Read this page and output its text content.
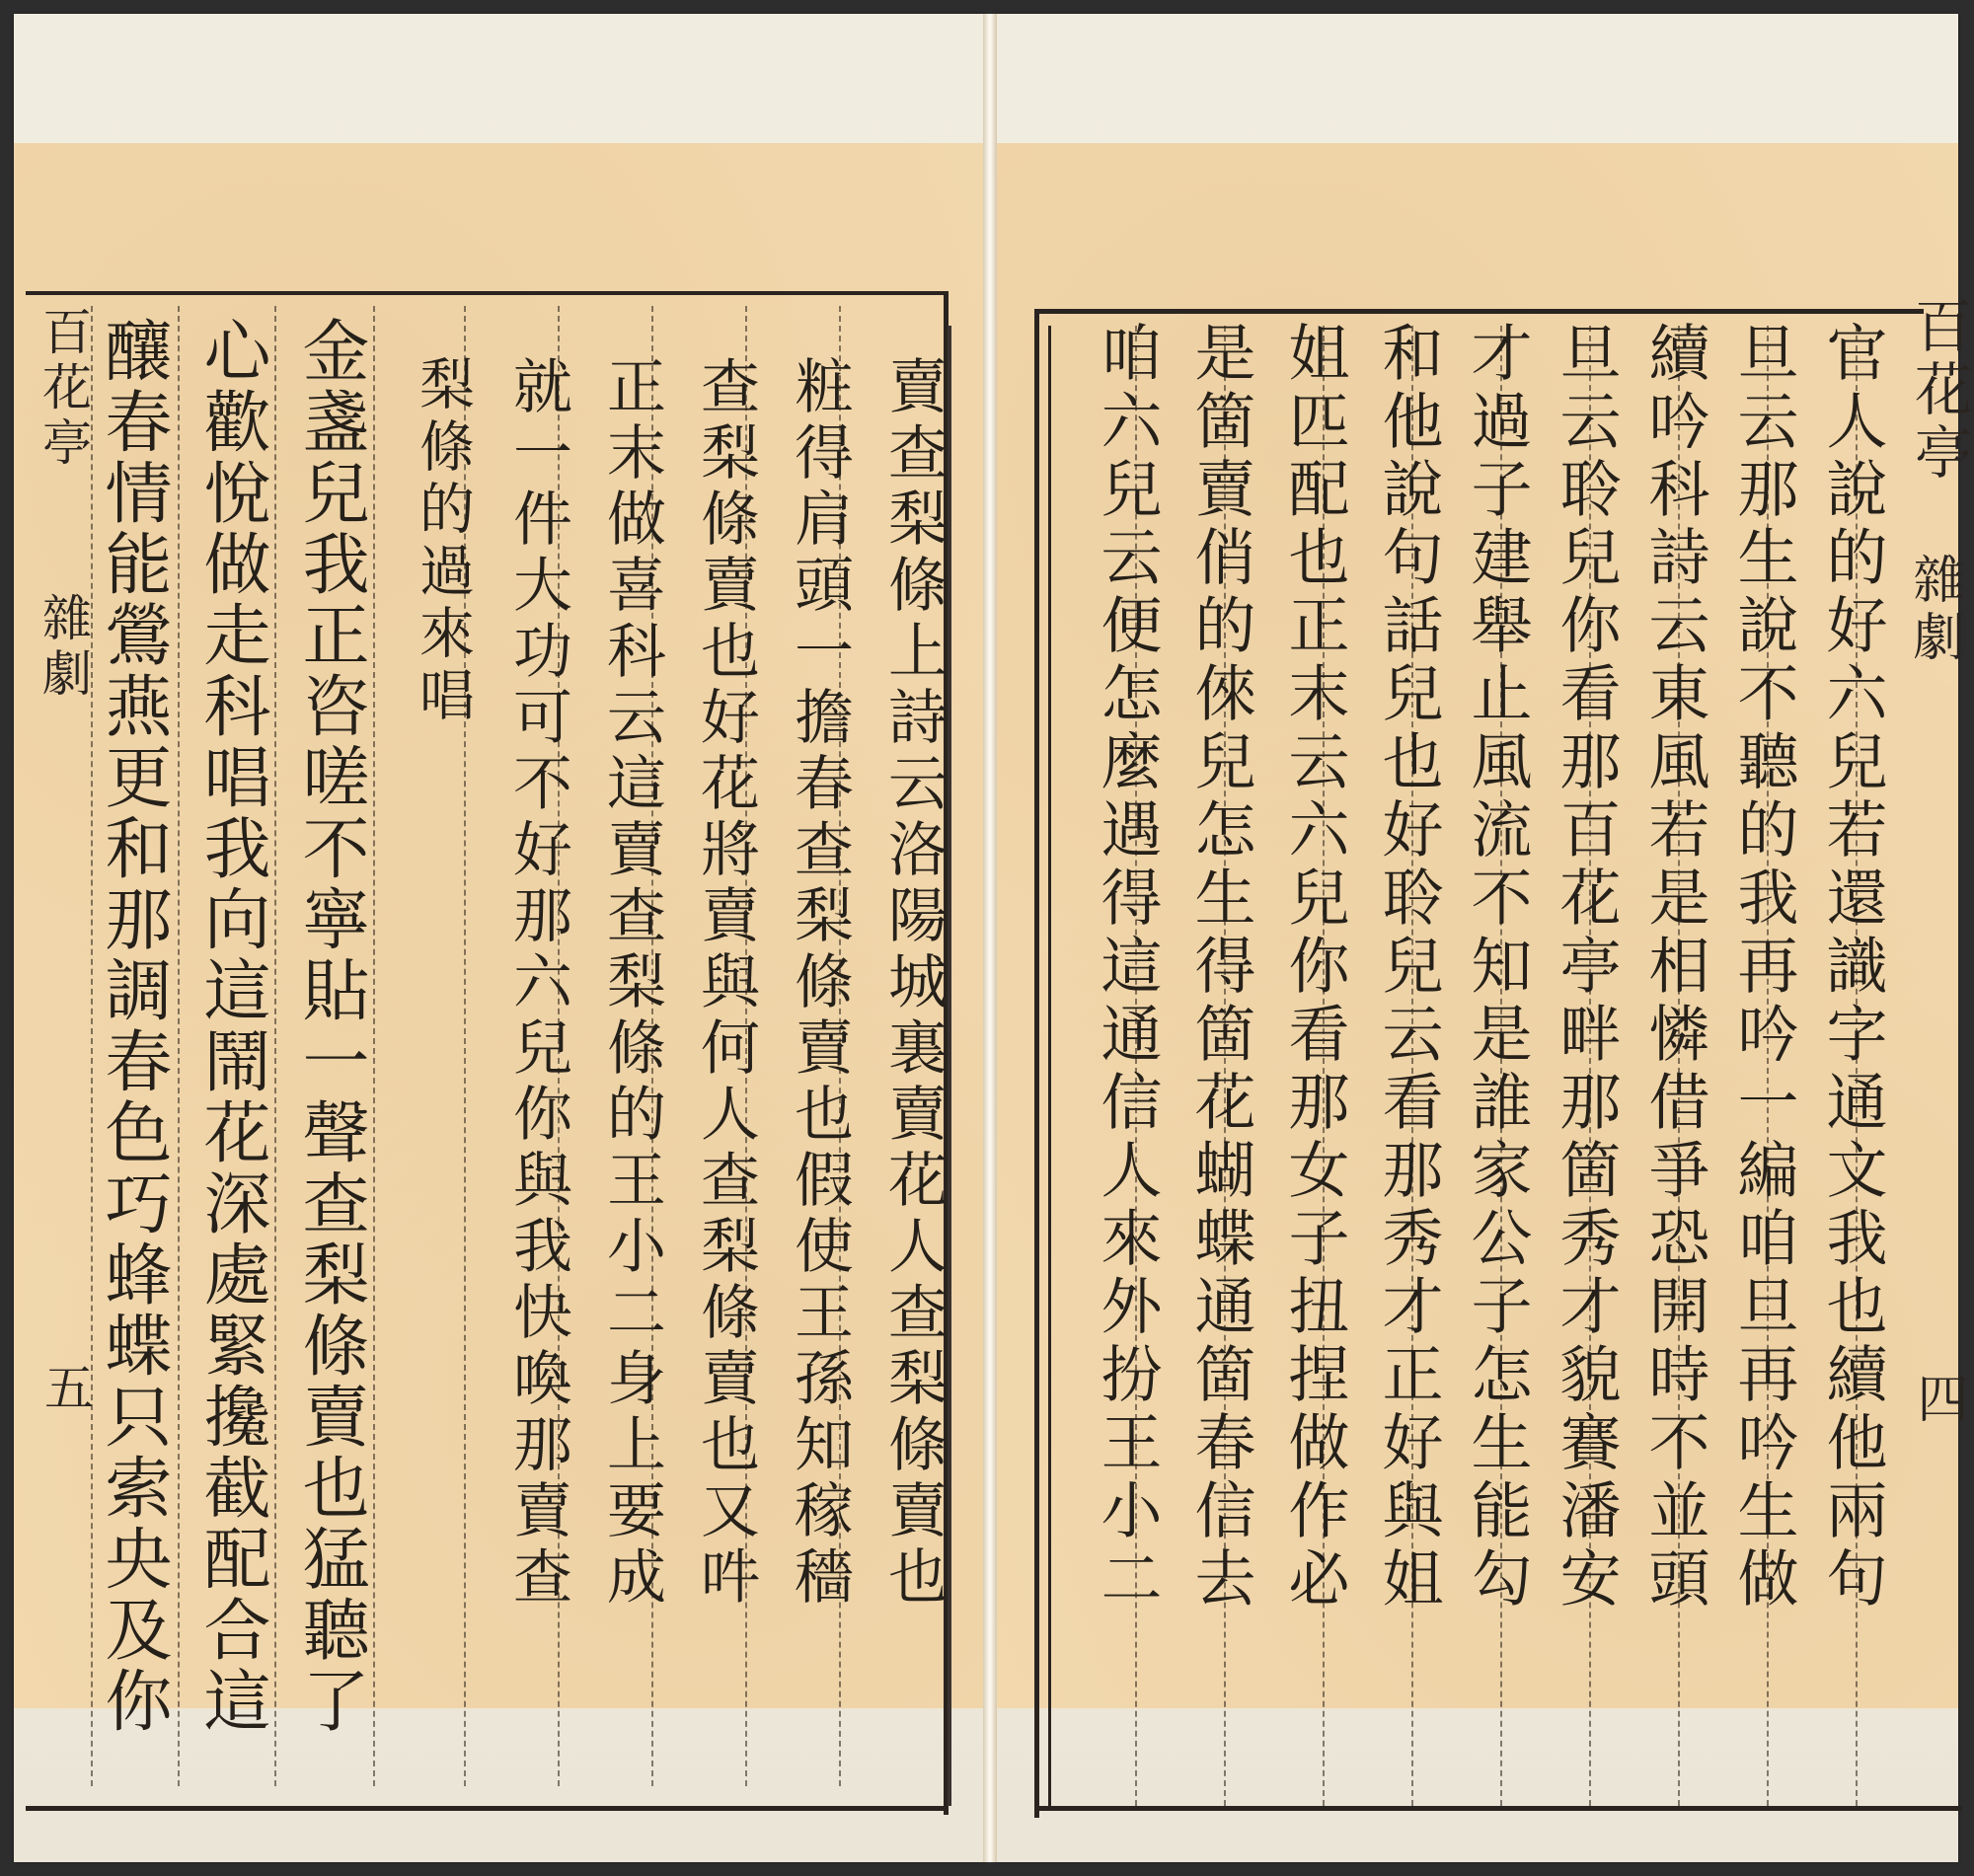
百花亭
雜劇
四
官人說的好六兒若還識字通文我也續他兩句
旦云那生說不聽的我再吟一編咱旦再吟生做
續吟科詩云東風若是相憐借爭恐開時不並頭
旦云聆兒你看那百花亭畔那箇秀才貌賽潘安
才過子建舉止風流不知是誰家公子怎生能勾
和他說句話兒也好聆兒云看那秀才正好與姐
姐匹配也正末云六兒你看那女子扭捏做作必
是箇賣俏的倈兒怎生得箇花蝴蝶通箇春信去
咱六兒云便怎麼遇得這通信人來外扮王小二
百花亭
雜劇
五	賣查梨條上詩云洛陽城裏賣花人查梨條賣也
粧得肩頭一擔春查梨條賣也假使王孫知稼穡
查梨條賣也好花將賣與何人查梨條賣也又吽
正末做喜科云這賣查梨條的王小二身上要成
就一件大功可不好那六兒你與我快喚那賣查
梨條的過來唱
金盞兒我正咨嗟不寧貼一聲查梨條賣也猛聽了
心歡悅做走科唱我向這鬧花深處緊攙截配合這
釀春情能鶯燕更和那調春色巧蜂蝶只索央及你
